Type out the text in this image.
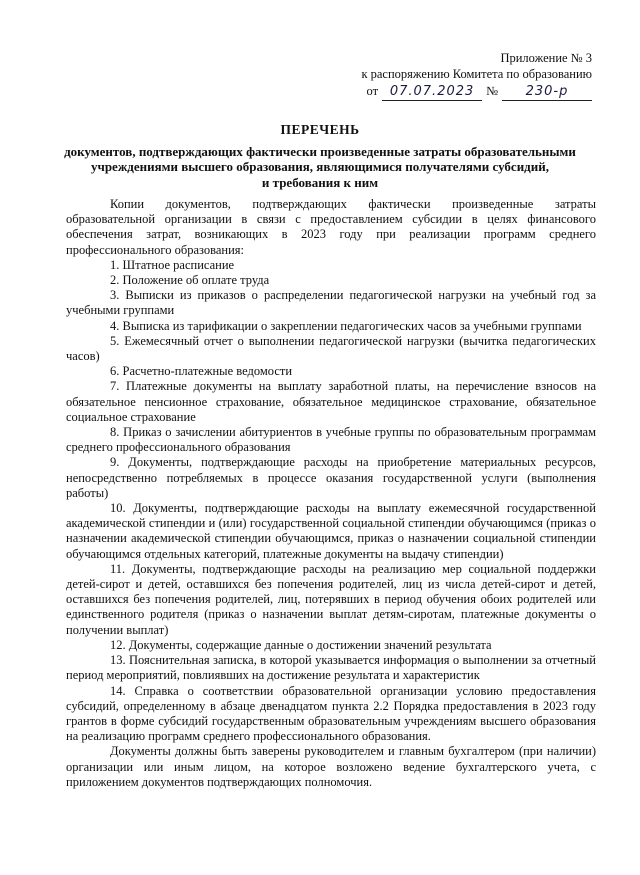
Приложение № 3
к распоряжению Комитета по образованию
от 07.07.2023 №	230-р
ПЕРЕЧЕНЬ
документов, подтверждающих фактически произведенные затраты образовательными
учреждениями высшего образования, являющимися получателями субсидий,
и требования к ним

Копии документов, подтверждающих фактически произведенные затраты образовательной организации в связи с предоставлением субсидии в целях финансового обеспечения затрат, возникающих в 2023 году при реализации программ среднего профессионального образования:

1. Штатное расписание
2. Положение об оплате труда
3. Выписки из приказов о распределении педагогической нагрузки на учебный год за учебными группами
4. Выписка из тарификации о закреплении педагогических часов за учебными группами
5. Ежемесячный отчет о выполнении педагогической нагрузки (вычитка педагогических часов)
6. Расчетно-платежные ведомости
7. Платежные документы на выплату заработной платы, на перечисление взносов на обязательное пенсионное страхование, обязательное медицинское страхование, обязательное социальное страхование
8. Приказ о зачислении абитуриентов в учебные группы по образовательным программам среднего профессионального образования
9. Документы, подтверждающие расходы на приобретение материальных ресурсов, непосредственно потребляемых в процессе оказания государственной услуги (выполнения работы)
10. Документы, подтверждающие расходы на выплату ежемесячной государственной академической стипендии и (или) государственной социальной стипендии обучающимся (приказ о назначении академической стипендии обучающимся, приказ о назначении социальной стипендии обучающимся отдельных категорий, платежные документы на выдачу стипендии)
11. Документы, подтверждающие расходы на реализацию мер социальной поддержки детей-сирот и детей, оставшихся без попечения родителей, лиц из числа детей-сирот и детей, оставшихся без попечения родителей, лиц, потерявших в период обучения обоих родителей или единственного родителя (приказ о назначении выплат детям-сиротам, платежные документы о получении выплат)
12. Документы, содержащие данные о достижении значений результата
13. Пояснительная записка, в которой указывается информация о выполнении за отчетный период мероприятий, повлиявших на достижение результата и характеристик
14. Справка о соответствии образовательной организации условию предоставления субсидий, определенному в абзаце двенадцатом пункта 2.2 Порядка предоставления в 2023 году грантов в форме субсидий государственным образовательным учреждениям высшего образования на реализацию программ среднего профессионального образования.

Документы должны быть заверены руководителем и главным бухгалтером (при наличии) организации или иным лицом, на которое возложено ведение бухгалтерского учета, с приложением документов подтверждающих полномочия.
